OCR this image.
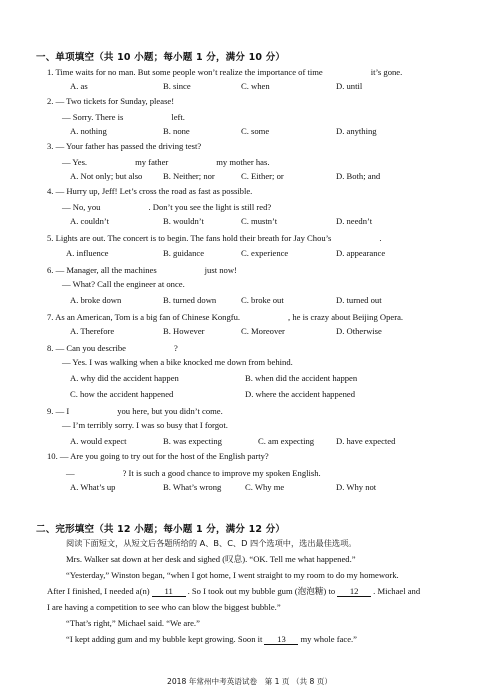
一、单项填空（共 10 小题；每小题 1 分，满分 10 分）
1. Time waits for no man. But some people won’t realize the importance of time	it’s gone.
A. as	B. since	C. when	D. until
2. — Two tickets for Sunday, please!
— Sorry. There is	left.
A. nothing	B. none	C. some	D. anything
3. — Your father has passed the driving test?
— Yes.	my father	my mother has.
A. Not only; but also B. Neither; nor	C. Either; or	D. Both; and
4. — Hurry up, Jeff! Let’s cross the road as fast as possible.
— No, you	. Don’t you see the light is still red?
A. couldn’t	B. wouldn’t	C. mustn’t	D. needn’t
5. Lights are out. The concert is to begin. The fans hold their breath for Jay Chou’s	.
A. influence	B. guidance	C. experience	D. appearance
6. — Manager, all the machines	just now!
— What? Call the engineer at once.
A. broke down	B. turned down	C. broke out	D. turned out
7. As an American, Tom is a big fan of Chinese Kongfu.	, he is crazy about Beijing Opera.
A. Therefore	B. However	C. Moreover	D. Otherwise
8. — Can you describe	?
— Yes. I was walking when a bike knocked me down from behind.
A. why did the accident happen	B. when did the accident happen
C. how the accident happened	D. where the accident happened
9. — I	you here, but you didn’t come.
— I’m terribly sorry. I was so busy that I forgot.
A. would expect	B. was expecting	C. am expecting	D. have expected
10. — Are you going to try out for the host of the English party?
—	? It is such a good chance to improve my spoken English.
A. What’s up	B. What’s wrong	C. Why me	D. Why not
二、完形填空（共 12 小题；每小题 1 分，满分 12 分）
阅读下面短文，从短文后各题所给的 A、B、C、D 四个选项中，选出最佳选项。
Mrs. Walker sat down at her desk and sighed (叹息). “OK. Tell me what happened.”
“Yesterday,” Winston began, “when I got home, I went straight to my room to do my homework.
After I finished, I needed a(n) 11 . So I took out my bubble gum (泡泡糖) to 12 . Michael and
I are having a competition to see who can blow the biggest bubble.”
“That’s right,” Michael said. “We are.”
“I kept adding gum and my bubble kept growing. Soon it 13 my whole face.”
2018 年常州中考英语试卷　第 1 页 （共 8 页）
